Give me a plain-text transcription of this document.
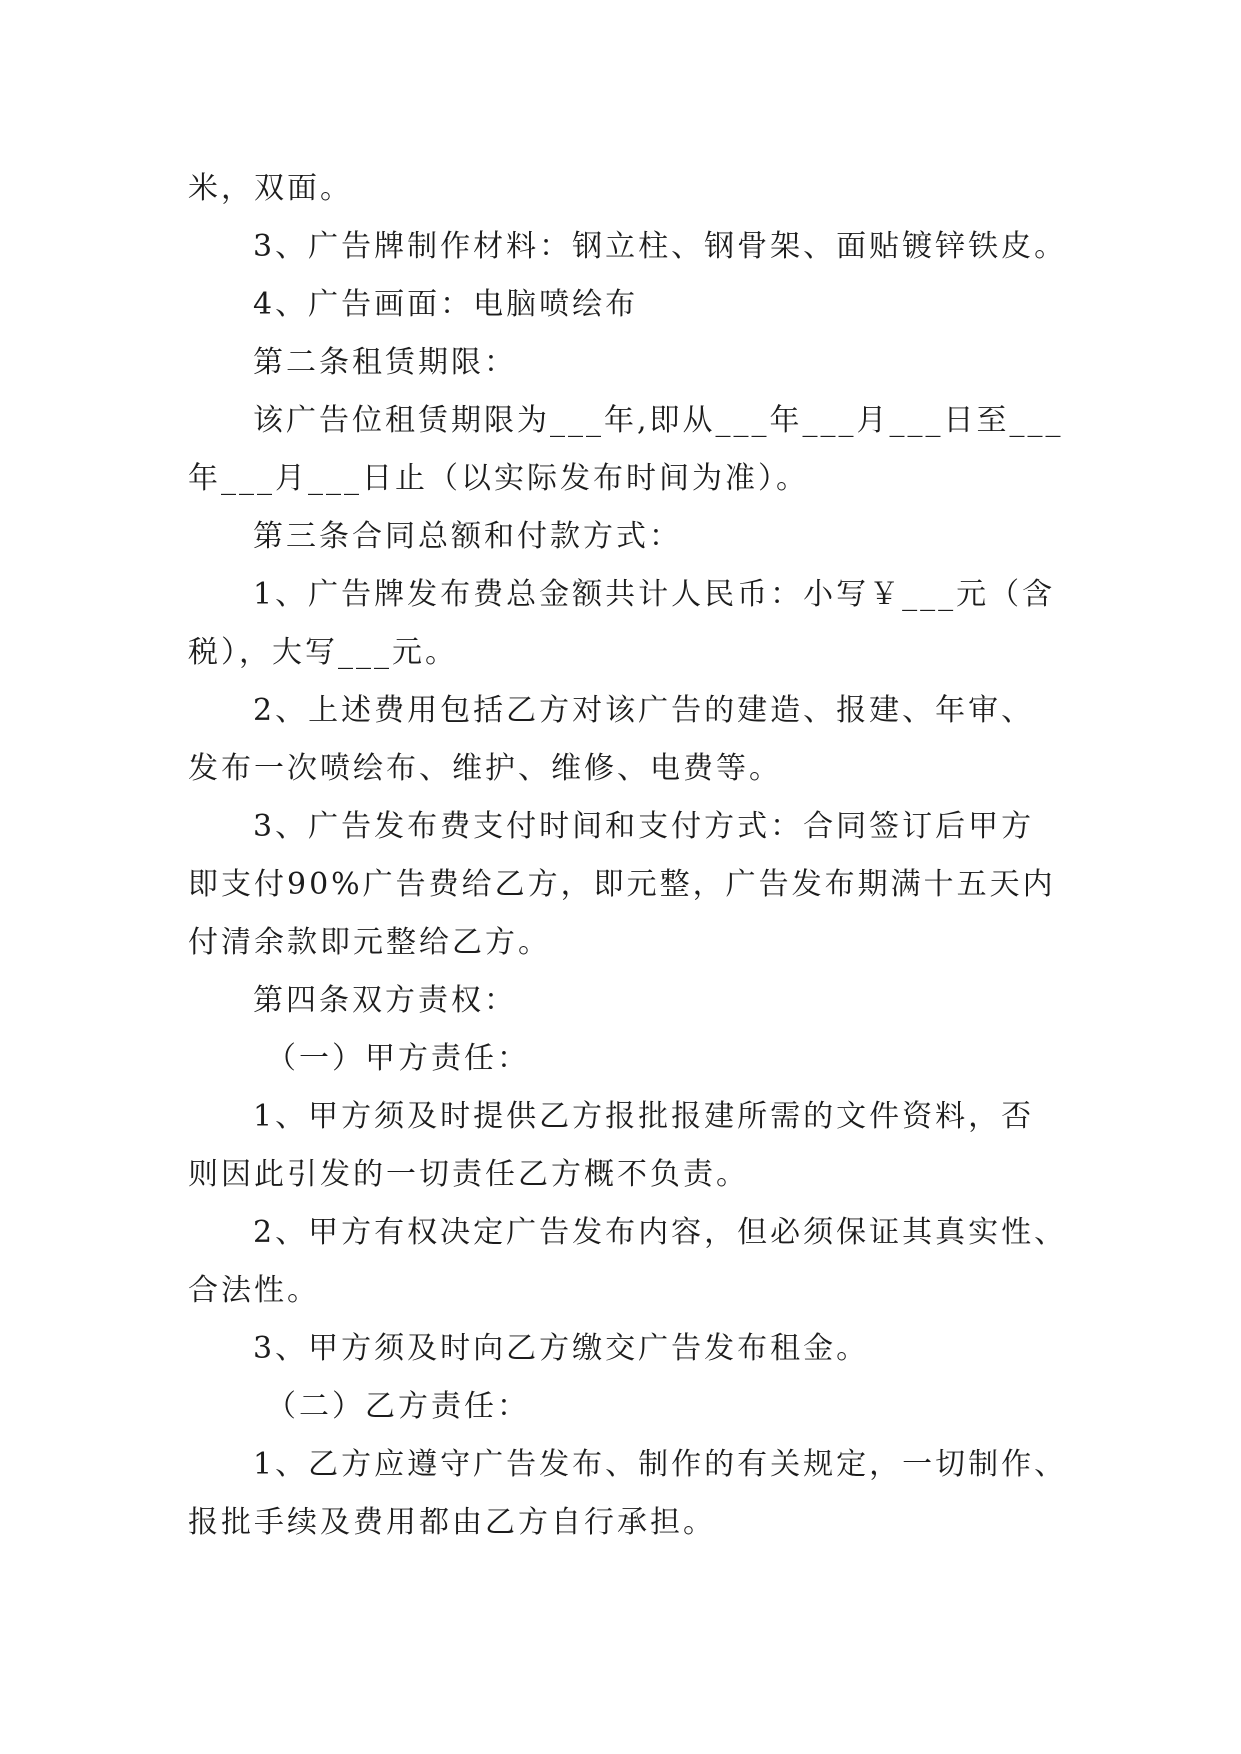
米，双面。
3、广告牌制作材料：钢立柱、钢骨架、面贴镀锌铁皮。
4、广告画面：电脑喷绘布
第二条租赁期限：
该广告位租赁期限为___年,即从___年___月___日至___
年___月___日止（以实际发布时间为准）。
第三条合同总额和付款方式：
1、广告牌发布费总金额共计人民币：小写￥___元（含
税），大写___元。
2、上述费用包括乙方对该广告的建造、报建、年审、
发布一次喷绘布、维护、维修、电费等。
3、广告发布费支付时间和支付方式：合同签订后甲方
即支付90%广告费给乙方，即元整，广告发布期满十五天内
付清余款即元整给乙方。
第四条双方责权：
（一）甲方责任：
1、甲方须及时提供乙方报批报建所需的文件资料，否
则因此引发的一切责任乙方概不负责。
2、甲方有权决定广告发布内容，但必须保证其真实性、
合法性。
3、甲方须及时向乙方缴交广告发布租金。
（二）乙方责任：
1、乙方应遵守广告发布、制作的有关规定，一切制作、
报批手续及费用都由乙方自行承担。
